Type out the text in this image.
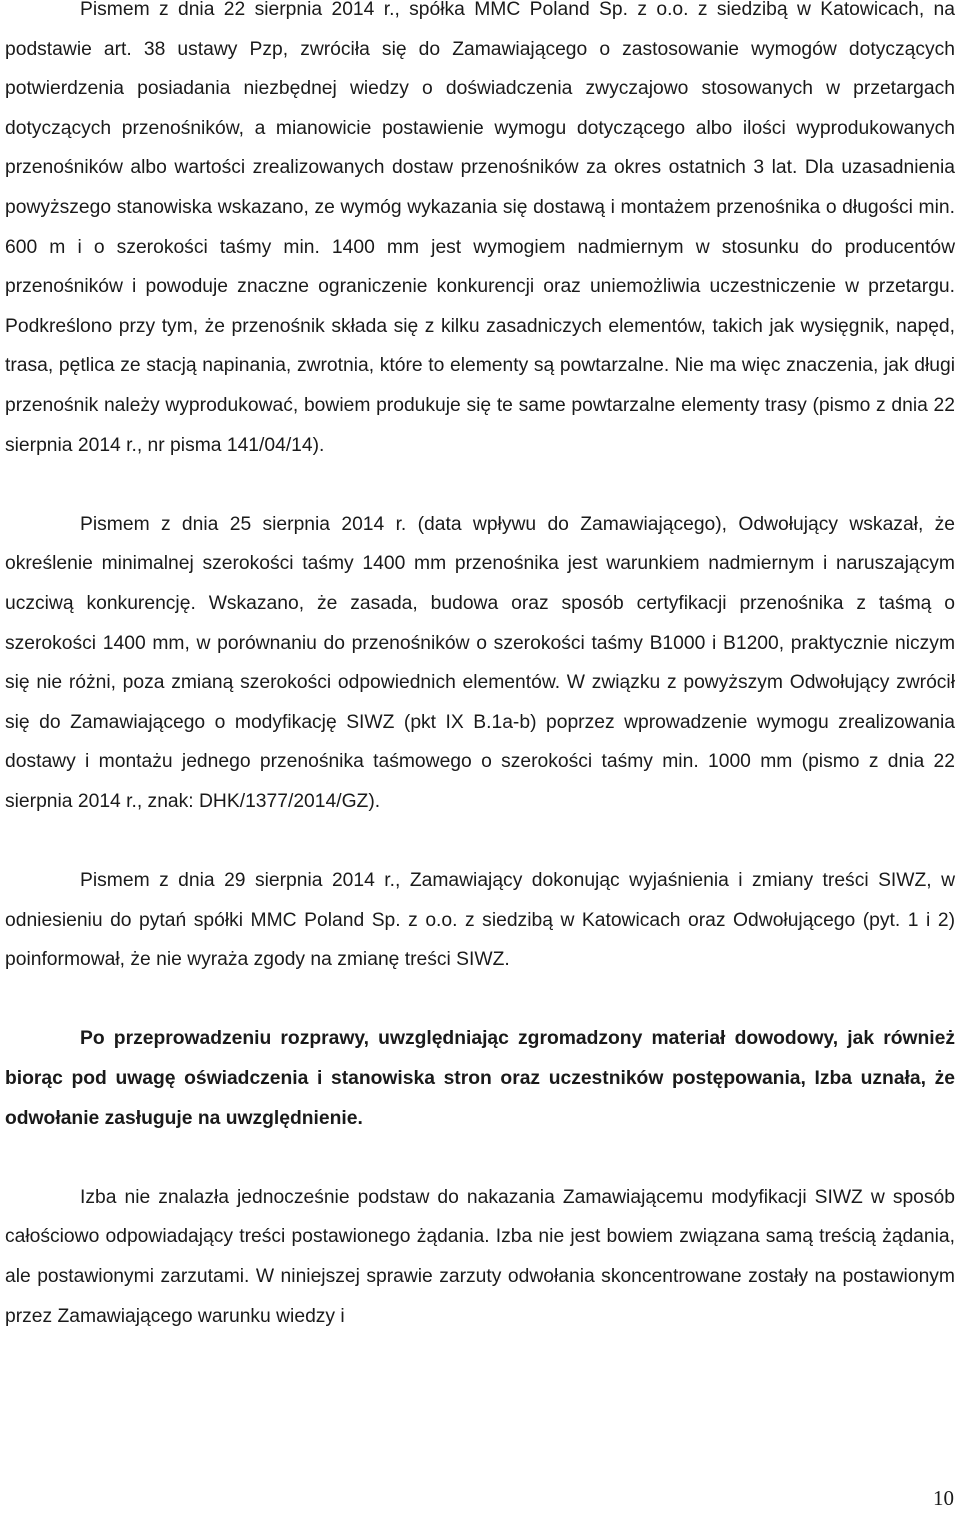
Pismem z dnia 22 sierpnia 2014 r., spółka MMC Poland Sp. z o.o. z siedzibą w Katowicach, na podstawie art. 38 ustawy Pzp, zwróciła się do Zamawiającego o zastosowanie wymogów dotyczących potwierdzenia posiadania niezbędnej wiedzy o doświadczenia zwyczajowo stosowanych w przetargach dotyczących przenośników, a mianowicie postawienie wymogu dotyczącego albo ilości wyprodukowanych przenośników albo wartości zrealizowanych dostaw przenośników za okres ostatnich 3 lat. Dla uzasadnienia powyższego stanowiska wskazano, ze wymóg wykazania się dostawą i montażem przenośnika o długości min. 600 m i o szerokości taśmy min. 1400 mm jest wymogiem nadmiernym w stosunku do producentów przenośników i powoduje znaczne ograniczenie konkurencji oraz uniemożliwia uczestniczenie w przetargu. Podkreślono przy tym, że przenośnik składa się z kilku zasadniczych elementów, takich jak wysięgnik, napęd, trasa, pętlica ze stacją napinania, zwrotnia, które to elementy są powtarzalne. Nie ma więc znaczenia, jak długi przenośnik należy wyprodukować, bowiem produkuje się te same powtarzalne elementy trasy (pismo z dnia 22 sierpnia 2014 r., nr pisma 141/04/14).

Pismem z dnia 25 sierpnia 2014 r. (data wpływu do Zamawiającego), Odwołujący wskazał, że określenie minimalnej szerokości taśmy 1400 mm przenośnika jest warunkiem nadmiernym i naruszającym uczciwą konkurencję. Wskazano, że zasada, budowa oraz sposób certyfikacji przenośnika z taśmą o szerokości 1400 mm, w porównaniu do przenośników o szerokości taśmy B1000 i B1200, praktycznie niczym się nie różni, poza zmianą szerokości odpowiednich elementów. W związku z powyższym Odwołujący zwrócił się do Zamawiającego o modyfikację SIWZ (pkt IX B.1a-b) poprzez wprowadzenie wymogu zrealizowania dostawy i montażu jednego przenośnika taśmowego o szerokości taśmy min. 1000 mm (pismo z dnia 22 sierpnia 2014 r., znak: DHK/1377/2014/GZ).

Pismem z dnia 29 sierpnia 2014 r., Zamawiający dokonując wyjaśnienia i zmiany treści SIWZ, w odniesieniu do pytań spółki MMC Poland Sp. z o.o. z siedzibą w Katowicach oraz Odwołującego (pyt. 1 i 2) poinformował, że nie wyraża zgody na zmianę treści SIWZ.

Po przeprowadzeniu rozprawy, uwzględniając zgromadzony materiał dowodowy, jak również biorąc pod uwagę oświadczenia i stanowiska stron oraz uczestników postępowania, Izba uznała, że odwołanie zasługuje na uwzględnienie.

Izba nie znalazła jednocześnie podstaw do nakazania Zamawiającemu modyfikacji SIWZ w sposób całościowo odpowiadający treści postawionego żądania. Izba nie jest bowiem związana samą treścią żądania, ale postawionymi zarzutami. W niniejszej sprawie zarzuty odwołania skoncentrowane zostały na postawionym przez Zamawiającego warunku wiedzy i

10
